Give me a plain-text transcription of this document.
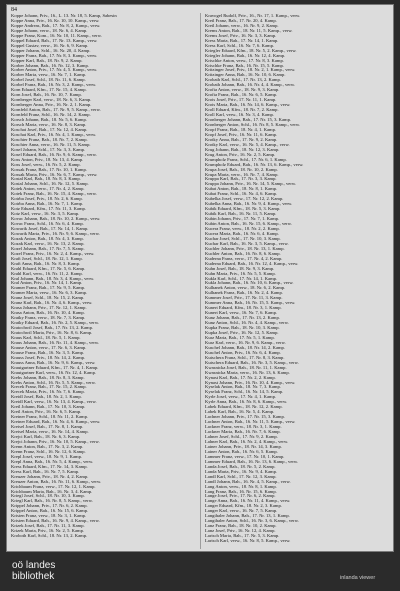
84
Koppe Johann, Priv., 16., L. 13. Nr. 18, 5. Kamp, Sabesin
Koppe Anna, Priv., 16. Kr. 10, 10. Kamp., verw.
Koppe Andreas, Bah., 17. Nr. 8, 2, Kamp., verw.
Koppe Johann, verw., 18. Nr. 6, 4. Kamp.
Koppe Franz, Kom., 16. Nr. 10, 11. Kamp., verw.
Koppel Eduard, Bah., 17. Nr. 13. Kamp., verw.
Koppel Gustav, verw., 16. Nr. 6, 9. Kamp.
Kopper Johann, Schl., 16. Nr. 20, 4. Kamp.
Kopper Franz, Bah., 17. Nr. 8, 3. Kamp., verw.
Kopper Karl, Bah., 18. Nr. 9, 2. Kamp.
Korber Johann, Bah., 16. Nr. 12, 3. Kamp.
Korber Anton, Priv., 17. Nr. 4, 5. Kamp., verw.
Korber Maria, verw., 16. Nr. 7, 1. Kamp.
Korbel Josef, Schl., 18. Nr. 11, 6. Kamp.
Korbel Franz, Bah., 16. Nr. 3, 2. Kamp., verw.
Korn Eduard, Kfm., 17. Nr. 15, 4. Kamp.
Korn Josef, Bah., 16. Nr. 10, 7. Kamp.
Kornberger Karl, verw., 18. Nr. 6, 3. Kamp.
Kornberger Anna, Priv., 16. Nr. 2, 1. Kamp.
Kornfeld Anton, Bah., 17. Nr. 9, 5. Kamp., verw.
Kornfeld Franz, Schl., 16. Nr. 14, 2. Kamp.
Korsch Johann, Bah., 18. Nr. 5, 6. Kamp.
Korsch Maria, verw., 16. Nr. 8, 3. Kamp.
Koschat Josef, Bah., 17. Nr. 12, 4. Kamp.
Koschat Karl, Priv., 16. Nr. 4, 1. Kamp., verw.
Koschier Franz, Bah., 18. Nr. 7, 2. Kamp.
Koschier Anna, verw., 16. Nr. 11, 5. Kamp.
Kosel Johann, Schl., 17. Nr. 3, 3. Kamp.
Kosel Eduard, Bah., 16. Nr. 9, 6. Kamp., verw.
Koss Anton, Priv., 18. Nr. 13, 4. Kamp.
Koss Josef, verw., 16. Nr. 5, 2. Kamp.
Kossak Franz, Bah., 17. Nr. 10, 1. Kamp.
Kossak Maria, Priv., 16. Nr. 6, 7. Kamp., verw.
Kostal Karl, Bah., 18. Nr. 8, 3. Kamp.
Kostal Johann, Schl., 16. Nr. 12, 5. Kamp.
Kotek Anton, verw., 17. Nr. 4, 2. Kamp.
Kotek Franz, Bah., 16. Nr. 15, 4. Kamp., verw.
Kotrba Josef, Priv., 18. Nr. 2, 6. Kamp.
Kotrba Anna, Bah., 16. Nr. 7, 1. Kamp.
Kotz Eduard, Kfm., 17. Nr. 11, 3. Kamp.
Kotz Karl, verw., 16. Nr. 3, 5. Kamp.
Kovac Johann, Bah., 18. Nr. 10, 2. Kamp., verw.
Kovac Franz, Schl., 16. Nr. 6, 4. Kamp.
Kowarik Josef, Bah., 17. Nr. 14, 1. Kamp.
Kowarik Maria, Priv., 16. Nr. 9, 6. Kamp., verw.
Kozak Anton, Bah., 18. Nr. 4, 3. Kamp.
Kozak Karl, verw., 16. Nr. 13, 2. Kamp.
Kozel Johann, Bah., 17. Nr. 7, 5. Kamp.
Kozel Franz, Priv., 16. Nr. 2, 4. Kamp., verw.
Kraft Josef, Schl., 18. Nr. 12, 1. Kamp.
Kraft Anna, Bah., 16. Nr. 8, 3. Kamp.
Krahl Eduard, Kfm., 17. Nr. 5, 6. Kamp.
Krahl Karl, verw., 16. Nr. 11, 2. Kamp.
Kral Johann, Bah., 18. Nr. 3, 4. Kamp., verw.
Kral Anton, Priv., 16. Nr. 14, 1. Kamp.
Kramer Franz, Bah., 17. Nr. 9, 5. Kamp.
Kramer Maria, verw., 16. Nr. 6, 3. Kamp.
Kranz Josef, Schl., 18. Nr. 15, 2. Kamp.
Kranz Karl, Bah., 16. Nr. 4, 6. Kamp., verw.
Krasa Johann, Priv., 17. Nr. 12, 1. Kamp.
Krasa Anton, Bah., 16. Nr. 10, 4. Kamp.
Kratky Franz, verw., 18. Nr. 7, 3. Kamp.
Kratky Eduard, Bah., 16. Nr. 2, 5. Kamp., verw.
Kratochwil Josef, Bah., 17. Nr. 13, 2. Kamp.
Kratochwil Maria, Priv., 16. Nr. 8, 6. Kamp.
Kraus Karl, Schl., 18. Nr. 5, 1. Kamp.
Kraus Johann, Bah., 16. Nr. 11, 4. Kamp., verw.
Krause Anton, verw., 17. Nr. 6, 3. Kamp.
Krause Franz, Bah., 16. Nr. 3, 5. Kamp.
Krauss Josef, Priv., 18. Nr. 14, 2. Kamp.
Krauss Anna, Bah., 16. Nr. 9, 6. Kamp., verw.
Krautgartner Eduard, Kfm., 17. Nr. 4, 1. Kamp.
Krautgartner Karl, verw., 16. Nr. 12, 4. Kamp.
Krebs Johann, Bah., 18. Nr. 8, 3. Kamp.
Krebs Anton, Schl., 16. Nr. 5, 5. Kamp., verw.
Krecek Franz, Bah., 17. Nr. 15, 2. Kamp.
Krecek Maria, Priv., 16. Nr. 7, 6. Kamp.
Kreidl Josef, Bah., 18. Nr. 2, 1. Kamp.
Kreidl Karl, verw., 16. Nr. 13, 4. Kamp., verw.
Kreil Johann, Bah., 17. Nr. 10, 3. Kamp.
Kreil Anton, Priv., 16. Nr. 6, 5. Kamp.
Kreiner Franz, Schl., 18. Nr. 11, 2. Kamp.
Kreiner Eduard, Bah., 16. Nr. 4, 6. Kamp., verw.
Kreisel Josef, Bah., 17. Nr. 8, 1. Kamp.
Kreisel Maria, verw., 16. Nr. 14, 4. Kamp.
Krejci Karl, Bah., 18. Nr. 6, 3. Kamp.
Krejci Johann, Priv., 16. Nr. 10, 5. Kamp., verw.
Krenn Anton, Bah., 17. Nr. 3, 2. Kamp.
Krenn Franz, Schl., 16. Nr. 12, 6. Kamp.
Krepl Josef, verw., 18. Nr. 9, 1. Kamp.
Krepl Anna, Bah., 16. Nr. 5, 4. Kamp., verw.
Kress Eduard, Kfm., 17. Nr. 14, 3. Kamp.
Kress Karl, Bah., 16. Nr. 7, 5. Kamp.
Kreuzer Johann, Priv., 18. Nr. 4, 2. Kamp.
Kreuzer Anton, Bah., 16. Nr. 11, 6. Kamp., verw.
Krichbaum Franz, verw., 17. Nr. 12, 1. Kamp.
Krichbaum Maria, Bah., 16. Nr. 3, 4. Kamp.
Kriegl Josef, Schl., 18. Nr. 10, 3. Kamp.
Kriegl Karl, Bah., 16. Nr. 8, 5. Kamp., verw.
Krippel Johann, Priv., 17. Nr. 6, 2. Kamp.
Krippel Anton, Bah., 16. Nr. 15, 6. Kamp.
Kristen Franz, verw., 18. Nr. 3, 1. Kamp.
Kristen Eduard, Bah., 16. Nr. 9, 4. Kamp., verw.
Krizek Josef, Bah., 17. Nr. 11, 3. Kamp.
Krizek Maria, Priv., 16. Nr. 2, 5. Kamp.
Kroboth Karl, Schl., 18. Nr. 13, 2. Kamp.
Kravogel Rudolf, Priv., 16., Nr. 17, 1. Kamp., verw.
Kreil Franz, Bah., 17. Nr. 20, 4. Kamp.
Kreil Johann, verw., 16. Nr. 9, 2. Kamp.
Krems Anton, Bah., 18. Nr. 11, 5. Kamp., verw.
Krems Josef, Priv., 16. Nr. 3, 3. Kamp.
Kress Maria, Bah., 17. Nr. 14, 1. Kamp.
Kress Karl, Schl., 16. Nr. 7, 6. Kamp.
Kriegler Eduard, Kfm., 18. Nr. 5, 2. Kamp., verw.
Kriegler Johann, Bah., 16. Nr. 12, 4. Kamp.
Krischke Anton, verw., 17. Nr. 8, 3. Kamp.
Krischke Franz, Bah., 16. Nr. 15, 5. Kamp.
Kritzinger Josef, Priv., 18. Nr. 2, 1. Kamp., verw.
Kritzinger Anna, Bah., 16. Nr. 10, 6. Kamp.
Krobath Karl, Schl., 17. Nr. 13, 2. Kamp.
Krobath Johann, Bah., 16. Nr. 4, 4. Kamp., verw.
Krofta Anton, verw., 18. Nr. 9, 3. Kamp.
Krofta Franz, Bah., 16. Nr. 6, 5. Kamp.
Krois Josef, Priv., 17. Nr. 11, 1. Kamp.
Krois Maria, Bah., 16. Nr. 14, 6. Kamp., verw.
Kroll Eduard, Kfm., 18. Nr. 7, 2. Kamp.
Kroll Karl, verw., 16. Nr. 3, 4. Kamp.
Kronberger Johann, Bah., 17. Nr. 15, 3. Kamp.
Kronberger Anton, Schl., 16. Nr. 8, 5. Kamp., verw.
Kropf Franz, Bah., 18. Nr. 4, 1. Kamp.
Kropf Josef, Priv., 16. Nr. 11, 6. Kamp.
Krotky Anna, Bah., 17. Nr. 9, 2. Kamp.
Krotky Karl, verw., 16. Nr. 5, 4. Kamp., verw.
Krug Johann, Bah., 18. Nr. 12, 3. Kamp.
Krug Anton, Priv., 16. Nr. 2, 5. Kamp.
Krumpholz Franz, Schl., 17. Nr. 6, 1. Kamp.
Krumpholz Eduard, Bah., 16. Nr. 13, 6. Kamp., verw.
Krupa Josef, Bah., 18. Nr. 10, 2. Kamp.
Krupa Maria, verw., 16. Nr. 7, 4. Kamp.
Kruppa Karl, Bah., 17. Nr. 3, 3. Kamp.
Kruppa Johann, Priv., 16. Nr. 14, 5. Kamp., verw.
Kubat Anton, Bah., 18. Nr. 8, 1. Kamp.
Kubat Franz, Schl., 16. Nr. 4, 6. Kamp.
Kubelka Josef, verw., 17. Nr. 12, 2. Kamp.
Kubelka Anna, Bah., 16. Nr. 9, 4. Kamp., verw.
Kubik Eduard, Kfm., 18. Nr. 5, 3. Kamp.
Kubik Karl, Bah., 16. Nr. 11, 5. Kamp.
Kubin Johann, Priv., 17. Nr. 7, 1. Kamp.
Kubin Anton, Bah., 16. Nr. 15, 6. Kamp., verw.
Kucera Franz, verw., 18. Nr. 2, 2. Kamp.
Kucera Maria, Bah., 16. Nr. 6, 4. Kamp.
Kuchar Josef, Schl., 17. Nr. 10, 3. Kamp.
Kuchar Karl, Bah., 16. Nr. 3, 5. Kamp., verw.
Kuchler Johann, Priv., 18. Nr. 13, 1. Kamp.
Kuchler Anton, Bah., 16. Nr. 8, 6. Kamp.
Kuderna Franz, verw., 17. Nr. 4, 2. Kamp.
Kuderna Eduard, Bah., 16. Nr. 12, 4. Kamp., verw.
Kuhn Josef, Bah., 18. Nr. 9, 3. Kamp.
Kuhn Maria, Priv., 16. Nr. 5, 5. Kamp.
Kukla Karl, Schl., 17. Nr. 14, 1. Kamp.
Kukla Johann, Bah., 16. Nr. 10, 6. Kamp., verw.
Kulhanek Anton, verw., 18. Nr. 6, 2. Kamp.
Kulhanek Franz, Bah., 16. Nr. 2, 4. Kamp.
Kummer Josef, Priv., 17. Nr. 11, 3. Kamp.
Kummer Anna, Bah., 16. Nr. 15, 5. Kamp., verw.
Kunert Eduard, Kfm., 18. Nr. 3, 1. Kamp.
Kunert Karl, verw., 16. Nr. 7, 6. Kamp.
Kunz Johann, Bah., 17. Nr. 13, 2. Kamp.
Kunz Anton, Schl., 16. Nr. 4, 4. Kamp., verw.
Kupka Franz, Bah., 18. Nr. 10, 3. Kamp.
Kupka Josef, Priv., 16. Nr. 12, 5. Kamp.
Kurz Maria, Bah., 17. Nr. 5, 1. Kamp.
Kurz Karl, verw., 16. Nr. 9, 6. Kamp., verw.
Kuschel Johann, Bah., 18. Nr. 14, 2. Kamp.
Kuschel Anton, Priv., 16. Nr. 6, 4. Kamp.
Kutschera Franz, Schl., 17. Nr. 8, 3. Kamp.
Kutschera Eduard, Bah., 16. Nr. 3, 5. Kamp., verw.
Kwasnicka Josef, Bah., 18. Nr. 11, 1. Kamp.
Kwasnicka Maria, verw., 16. Nr. 13, 6. Kamp.
Kynast Karl, Bah., 17. Nr. 2, 2. Kamp.
Kynast Johann, Priv., 16. Nr. 10, 4. Kamp., verw.
Kyselak Anton, Bah., 18. Nr. 7, 3. Kamp.
Kyselak Franz, Schl., 16. Nr. 14, 5. Kamp.
Kyrle Josef, verw., 17. Nr. 4, 1. Kamp.
Kyrle Anna, Bah., 16. Nr. 8, 6. Kamp., verw.
Labek Eduard, Kfm., 18. Nr. 12, 2. Kamp.
Labek Karl, Bah., 16. Nr. 5, 4. Kamp.
Lachner Johann, Priv., 17. Nr. 15, 3. Kamp.
Lachner Anton, Bah., 16. Nr. 11, 5. Kamp., verw.
Lackner Franz, verw., 18. Nr. 3, 1. Kamp.
Lackner Maria, Bah., 16. Nr. 7, 6. Kamp.
Lahner Josef, Schl., 17. Nr. 9, 2. Kamp.
Lahner Karl, Bah., 16. Nr. 2, 4. Kamp., verw.
Lainer Johann, Priv., 18. Nr. 14, 3. Kamp.
Lainer Anton, Bah., 16. Nr. 6, 5. Kamp.
Lammer Franz, verw., 17. Nr. 10, 1. Kamp.
Lammer Eduard, Bah., 16. Nr. 13, 6. Kamp., verw.
Landa Josef, Bah., 18. Nr. 5, 2. Kamp.
Landa Maria, Priv., 16. Nr. 9, 4. Kamp.
Landl Karl, Schl., 17. Nr. 12, 3. Kamp.
Landl Johann, Bah., 16. Nr. 4, 5. Kamp., verw.
Lang Anton, verw., 18. Nr. 8, 1. Kamp.
Lang Franz, Bah., 16. Nr. 15, 6. Kamp.
Lange Josef, Priv., 17. Nr. 6, 2. Kamp.
Lange Anna, Bah., 16. Nr. 11, 4. Kamp., verw.
Langer Eduard, Kfm., 18. Nr. 2, 3. Kamp.
Langer Karl, verw., 16. Nr. 7, 5. Kamp.
Langthaler Johann, Bah., 17. Nr. 13, 1. Kamp.
Langthaler Anton, Schl., 16. Nr. 3, 6. Kamp., verw.
Lanz Franz, Bah., 18. Nr. 10, 2. Kamp.
Lanz Josef, Priv., 16. Nr. 12, 4. Kamp.
Larisch Maria, Bah., 17. Nr. 5, 3. Kamp.
Larisch Karl, verw., 16. Nr. 8, 5. Kamp., verw.
oö landes
bibliothek	inlanda viewer
